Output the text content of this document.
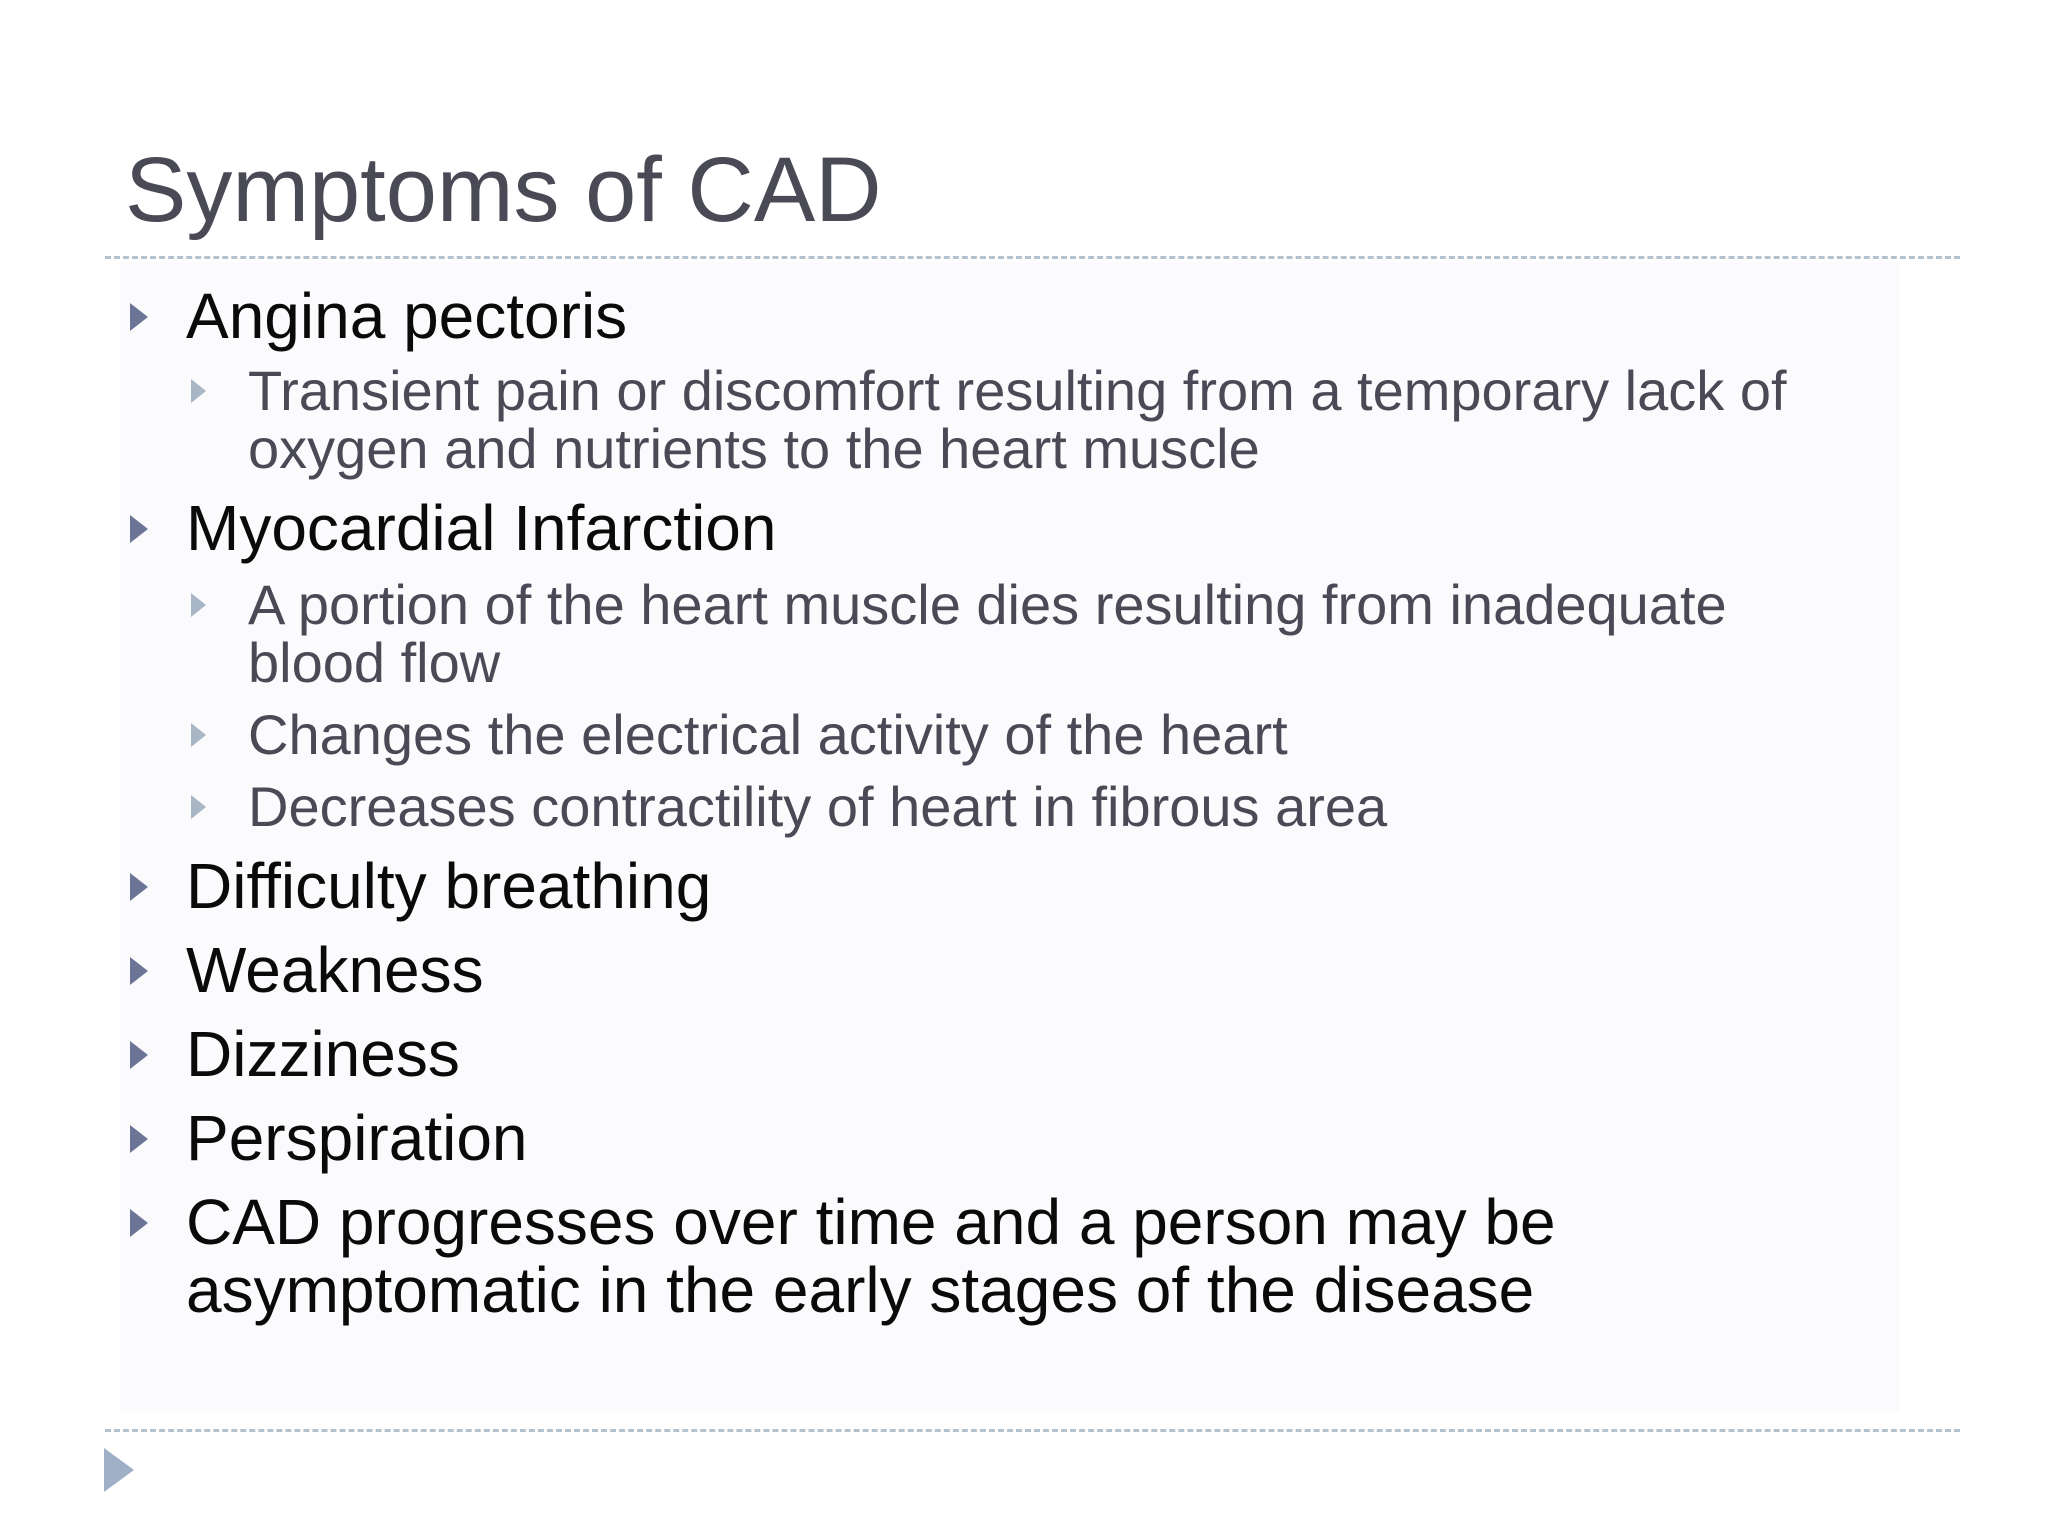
Symptoms of CAD
Angina pectoris
Transient pain or discomfort resulting from a temporary lack of
oxygen and nutrients to the heart muscle
Myocardial Infarction
A portion of the heart muscle dies resulting from inadequate
blood flow
Changes the electrical activity of the heart
Decreases contractility of heart in fibrous area
Difficulty breathing
Weakness
Dizziness
Perspiration
CAD progresses over time and a person may be
asymptomatic in the early stages of the disease
